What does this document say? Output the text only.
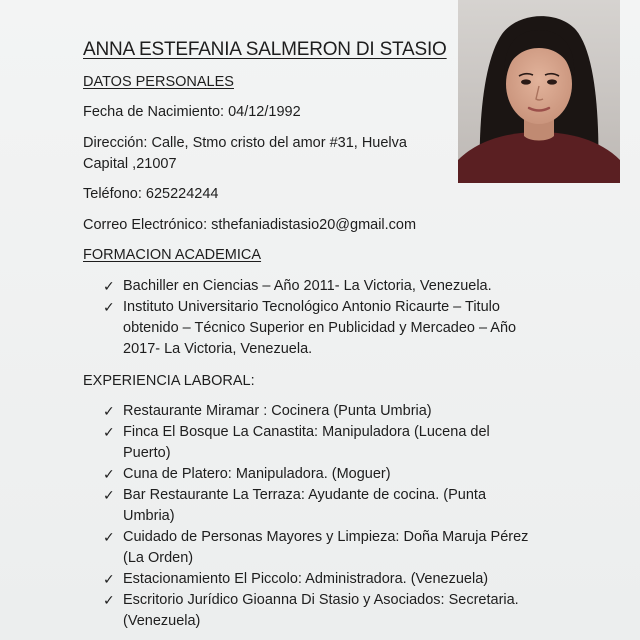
ANNA ESTEFANIA SALMERON DI STASIO
DATOS PERSONALES
Fecha de Nacimiento: 04/12/1992
Dirección: Calle, Stmo cristo del amor #31, Huelva
Capital ,21007
Teléfono: 625224244
Correo Electrónico: sthefaniadistasio20@gmail.com
FORMACION ACADEMICA
✓ Bachiller en Ciencias – Año 2011- La Victoria, Venezuela.
✓ Instituto Universitario Tecnológico Antonio Ricaurte – Titulo
obtenido – Técnico Superior en Publicidad y Mercadeo – Año
2017- La Victoria, Venezuela.
EXPERIENCIA LABORAL:
✓ Restaurante Miramar : Cocinera (Punta Umbria)
✓ Finca El Bosque La Canastita: Manipuladora (Lucena del
Puerto)
✓ Cuna de Platero: Manipuladora. (Moguer)
✓ Bar Restaurante La Terraza: Ayudante de cocina. (Punta
Umbria)
✓ Cuidado de Personas Mayores y Limpieza: Doña Maruja Pérez
(La Orden)
✓ Estacionamiento El Piccolo: Administradora. (Venezuela)
✓ Escritorio Jurídico Gioanna Di Stasio y Asociados: Secretaria.
(Venezuela)
